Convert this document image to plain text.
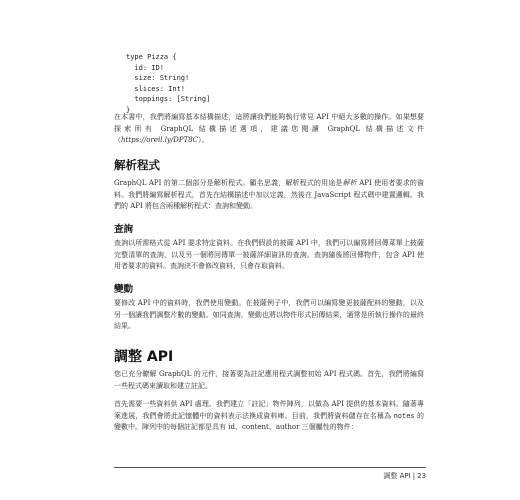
type Pizza {
id: ID!
size: String!
slices: Int!
toppings: [String]
}

在本書中，我們將編寫基本結構描述，這將讓我們能夠執行常見 API 中絕大多數的操作。如果想要探索所有 GraphQL 結構描述選項，建議您閱讀 GraphQL 結構描述文件（https://oreil.ly/DPT8C）。

解析程式

GraphQL API 的第二個部分是解析程式。顧名思義，解析程式的用途是解析 API 使用者要求的資料。我們將編寫解析程式，首先在結構描述中加以定義，然後在 JavaScript 程式碼中建置邏輯。我們的 API 將包含兩種解析程式：查詢和變動。

查詢

查詢以所需格式從 API 要求特定資料。在我們假設的披薩 API 中，我們可以編寫將回傳菜單上披薩完整清單的查詢，以及另一個將回傳單一披薩詳細資訊的查詢。查詢隨後將回傳物件，包含 API 使用者要求的資料。查詢決不會修改資料，只會存取資料。

變動

要修改 API 中的資料時，我們使用變動。在披薩例子中，我們可以編寫變更披薩配料的變動，以及另一個讓我們調整片數的變動。如同查詢，變動也將以物件形式回傳結果，通常是所執行操作的最終結果。

調整 API

您已充分瞭解 GraphQL 的元件，接著要為註記應用程式調整初始 API 程式碼。首先，我們將編寫一些程式碼來讀取和建立註記。

首先需要一些資料供 API 處理。我們建立「註記」物件陣列，以做為 API 提供的基本資料。隨著專案進展，我們會將此記憶體中的資料表示法換成資料庫。目前，我們將資料儲存在名稱為 notes 的變數中。陣列中的每個註記都是具有 id、content、author 三個屬性的物件：

調整 API | 23
